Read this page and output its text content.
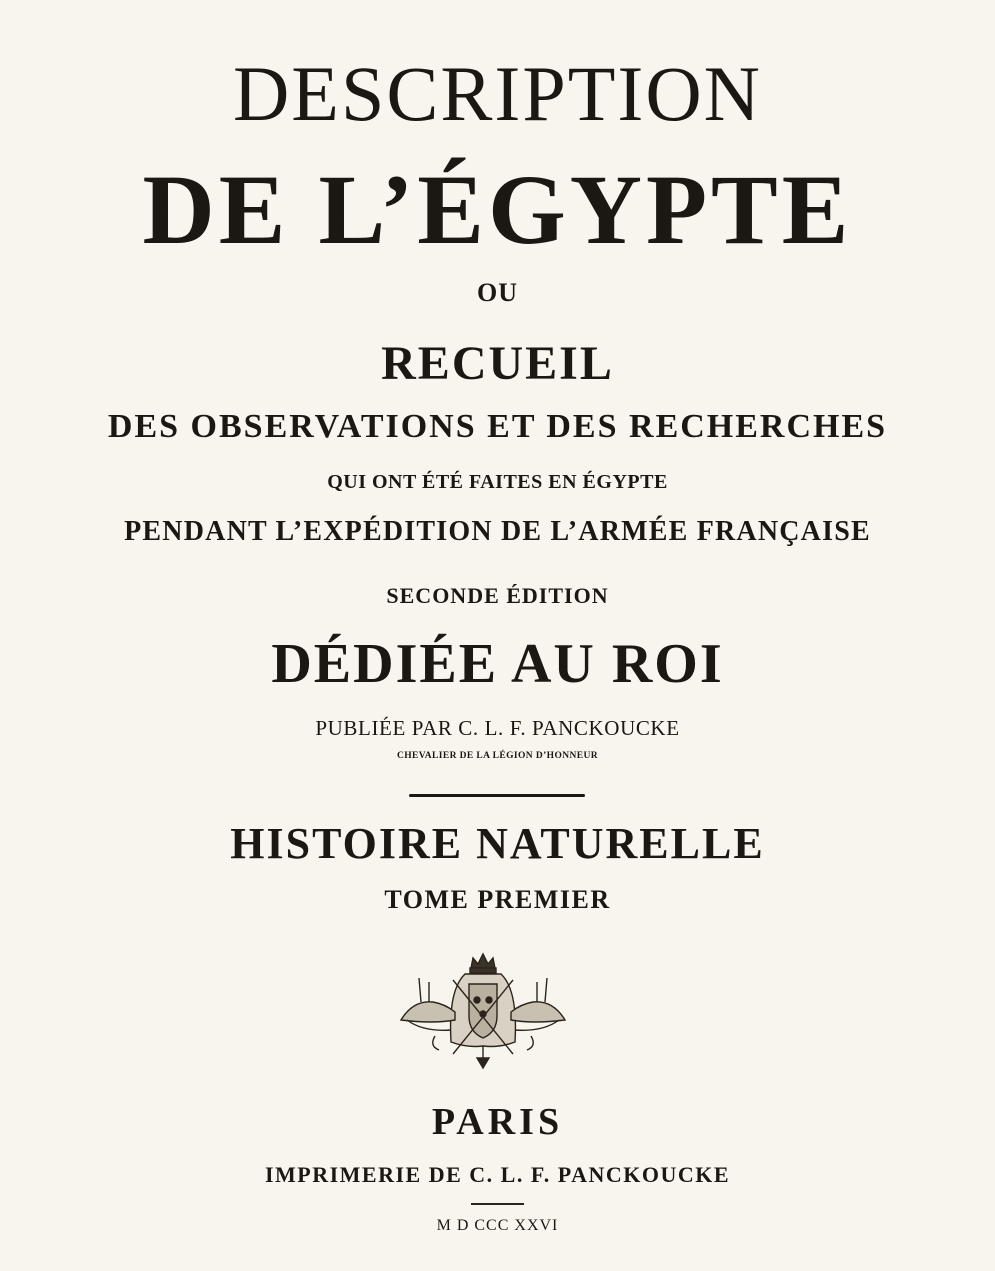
DESCRIPTION
DE L’ÉGYPTE
OU
RECUEIL
DES OBSERVATIONS ET DES RECHERCHES
QUI ONT ÉTÉ FAITES EN ÉGYPTE
PENDANT L’EXPÉDITION DE L’ARMÉE FRANÇAISE
SECONDE ÉDITION
DÉDIÉE AU ROI
PUBLIÉE PAR C. L. F. PANCKOUCKE
CHEVALIER DE LA LÉGION D’HONNEUR
HISTOIRE NATURELLE
TOME PREMIER
PARIS
IMPRIMERIE DE C. L. F. PANCKOUCKE
M D CCC XXVI
